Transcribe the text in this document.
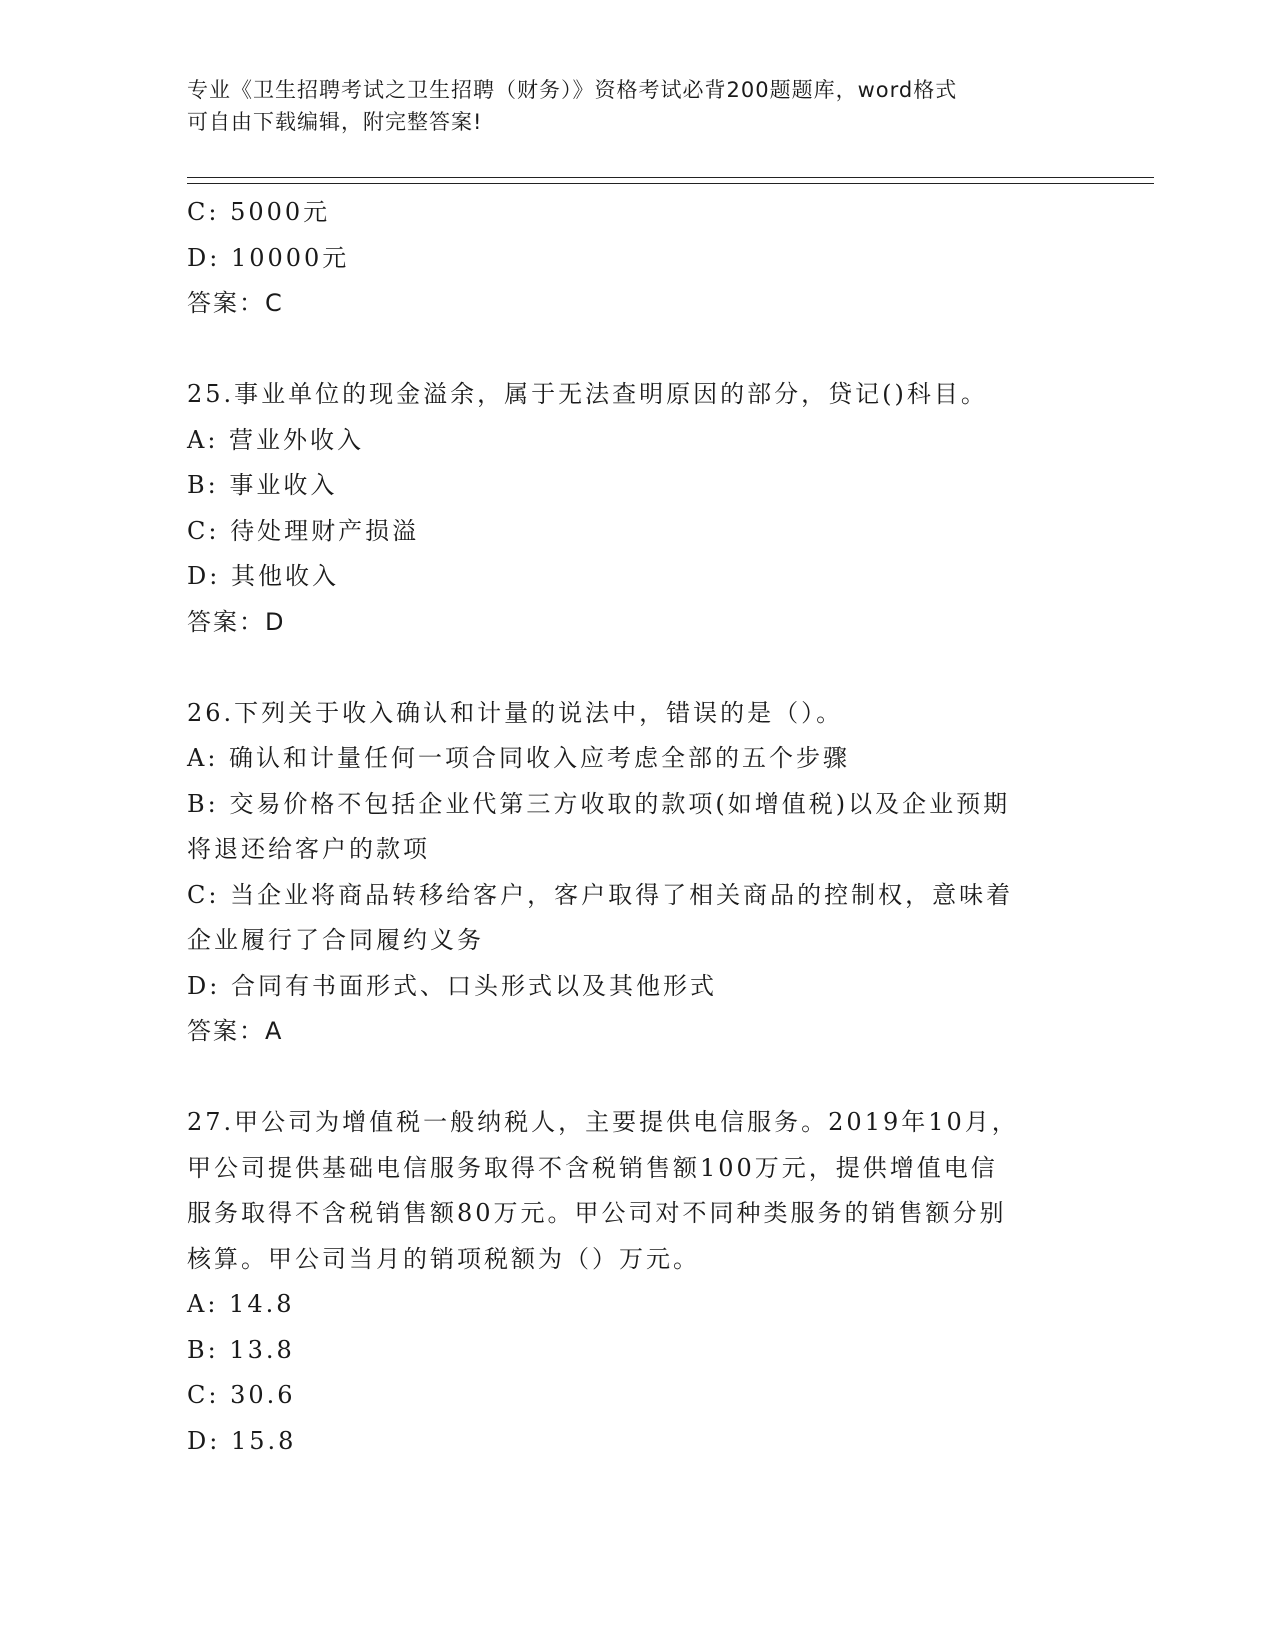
专业《卫生招聘考试之卫生招聘（财务）》资格考试必背200题题库，word格式
可自由下载编辑，附完整答案!
C: 5000元
D: 10000元
答案：C
25.事业单位的现金溢余，属于无法查明原因的部分，贷记()科目。
A: 营业外收入
B: 事业收入
C: 待处理财产损溢
D: 其他收入
答案：D
26.下列关于收入确认和计量的说法中，错误的是（）。
A: 确认和计量任何一项合同收入应考虑全部的五个步骤
B: 交易价格不包括企业代第三方收取的款项(如增值税)以及企业预期
将退还给客户的款项
C: 当企业将商品转移给客户，客户取得了相关商品的控制权，意味着
企业履行了合同履约义务
D: 合同有书面形式、口头形式以及其他形式
答案：A
27.甲公司为增值税一般纳税人，主要提供电信服务。2019年10月，
甲公司提供基础电信服务取得不含税销售额100万元，提供增值电信
服务取得不含税销售额80万元。甲公司对不同种类服务的销售额分别
核算。甲公司当月的销项税额为（）万元。
A: 14.8
B: 13.8
C: 30.6
D: 15.8
